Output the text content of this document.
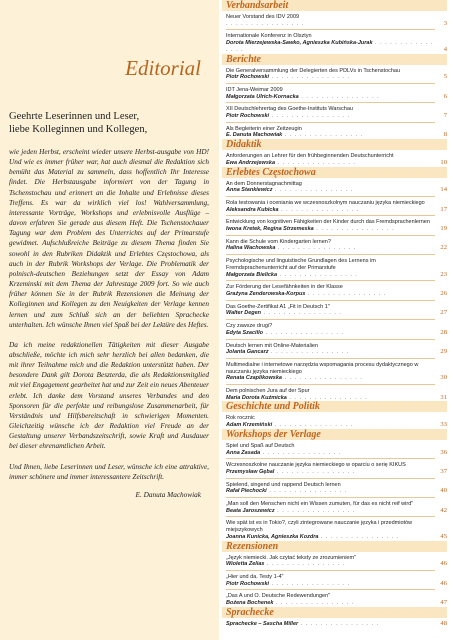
Editorial
Geehrte Leserinnen und Leser,
liebe Kolleginnen und Kollegen,

wie jeden Herbst, erscheint wieder unsere Herbst-ausgabe von HD! Und wie es immer früher war, hat auch diesmal die Redaktion sich bemüht das Material zu sammeln, dass hoffentlich Ihr Interesse findet. Die Herbstausgabe informiert von der Tagung in Tschenstochau und erinnert an die Inhalte und Erlebnisse dieses Treffens. Es war da wirklich viel los! Wahlversammlung, interessante Vorträge, Workshops und erlebnisvolle Ausflüge – davon erfahren Sie gerade aus diesem Heft. Die Tschenstochauer Tagung war dem Problem des Unterrichts auf der Primarstufe gewidmet. Aufschlußreiche Beiträge zu diesem Thema finden Sie sowohl in den Rubriken Didaktik und Erlebtes Częstochowa, als auch in der Rubrik Workshops der Verlage. Die Problematik der polnisch-deutschen Beziehungen setzt der Essay von Adam Krzeminski mit dem Thema der Jahrestage 2009 fort. So wie auch früher können Sie in der Rubrik Rezensionen die Meinung der Kolleginnen und Kollegen zu den Neuigkeiten der Verlage kennen lernen und zum Schluß sich an der beliebten Sprachecke unterhalten. Ich wünsche Ihnen viel Spaß bei der Lektüre des Heftes.

Da ich meine redaktionellen Tätigkeiten mit dieser Ausgabe abschließe, möchte ich mich sehr herzlich bei allen bedanken, die mit ihrer Teilnahme mich und die Redaktion unterstützt haben. Der besondere Dank gilt Dorota Beszterda, die als Redaktionsmitglied mit viel Engagement gearbeitet hat und zur Zeit ein neues Abenteuer erlebt. Ich danke dem Vorstand unseres Verbandes und den Sponsoren für die perfekte und reibungslose Zusammenarbeit, für Verständnis und Hilfsbereitschaft in schwierigen Momenten. Gleichzeitig wünsche ich der Redaktion viel Freude an der Gestaltung unserer Verbandszeitschrift, sowie Kraft und Ausdauer bei dieser ehrenamtlichen Arbeit.

Und Ihnen, liebe Leserinnen und Leser, wünsche ich eine attraktive, immer schönere und immer interessantere Zeitschrift.

E. Danuta Machowiak
Verbandsarbeit
Neuer Vorstand des IDV 2009
. . . . . . . . . . . . . . . .	3
Internationale Konferenz in Olsztyn
Dorota Mierzejewska-Sawko, Agnieszka Kubińska-Jurak . . . . . . . . . . . . . . . .	4
Berichte
Die Generalversammlung der Delegierten des PDLVs in Tschenstochau
Piotr Rochowski . . . . . . . . . . . . . . . .	5
IDT Jena-Weimar 2009
Małgorzata Ulrich-Kornacka . . . . . . . . . . . . . . . .	6
XII Deutschlehrertag des Goethe-Instituts Warschau
Piotr Rochowski . . . . . . . . . . . . . . . .	7
Als Begleiterin einer Zeitzeugin
E. Danuta Machowiak . . . . . . . . . . . . . . . .	8
Didaktik
Anforderungen an Lehrer für den frühbeginnenden Deutschunterricht
Ewa Andrzejewska . . . . . . . . . . . . . . . .	10
Erlebtes Częstochowa
An dem Donnerstagnachmittag
Anna Stankiewicz . . . . . . . . . . . . . . . .	14
Rola testowania i oceniania we wczesnoszkolnym nauczaniu języka niemieckiego
Aleksandra Kubicka . . . . . . . . . . . . . . . .	17
Entwicklung von kognitiven Fähigkeiten der Kinder durch das Fremdsprachenlernen
Iwona Kretek, Regina Strzemeska . . . . . . . . . . . . . . . .	19
Kann die Schule vom Kindergarten lernen?
Halina Wachowska . . . . . . . . . . . . . . . .	22
Psychologische und linguistische Grundlagen des Lernens im Fremdsprachenunterricht auf der Primarstufe
Małgorzata Bielicka . . . . . . . . . . . . . . . .	23
Zur Förderung der Lesefähnkeiten in der Klasse
Grażyna Zenderowska-Korpus . . . . . . . . . . . . . . . .	26
Das Goethe-Zertifikat A1 „Fit in Deutsch 1"
Walter Degen . . . . . . . . . . . . . . . .	27
Czy zawsze drugi?
Edyta Szacillo . . . . . . . . . . . . . . . .	28
Deutsch lernen mit Online-Materialien
Jolanta Gancarz . . . . . . . . . . . . . . . .	29
Multimedialne i internetowe narzędzia wspomagania procesu dydaktycznego w nauczaniu języka niemieckiego
Renata Czaplikowska . . . . . . . . . . . . . . . .	30
Dem polnischen Jura auf der Spur
Maria Dorota Kuźmicka . . . . . . . . . . . . . . . .	31
Geschichte und Politik
Rok rocznic
Adam Krzemiński . . . . . . . . . . . . . . . .	33
Workshops der Verlage
Spiel und Spaß auf Deutsch
Anna Zasada . . . . . . . . . . . . . . . .	36
Wczesnoszkolne nauczanie języka niemieckiego w oparciu o serię KIKUS
Przemysław Gębal . . . . . . . . . . . . . . . .	37
Spielend, singend und rappend Deutsch lernen
Rafał Piechocki . . . . . . . . . . . . . . . .	40
„Man soll den Menschen nicht ein Wissen zumuten, für das es nicht reif wird"
Beata Jaroszewicz . . . . . . . . . . . . . . . .	42
Wie spät ist es in Tokio?, czyli zintegrowane nauczanie języka i przedmiotów miejszykowych
Joanna Kunicka, Agnieszka Kozdra . . . . . . . . . . . . . . . .	45
Rezensionen
„Język niemiecki. Jak czytać teksty ze zrozumieniem"
Wioletta Zelias . . . . . . . . . . . . . . . .	46
„Hier und da. Testy 1-4"
Piotr Rochowski . . . . . . . . . . . . . . . .	46
„Das A und O. Deutsche Redewendungen"
Bożena Bochenek . . . . . . . . . . . . . . . .	47
Sprachecke
Sprachecke – Sascha Miller . . . . . . . . . . . . . . . .	48
